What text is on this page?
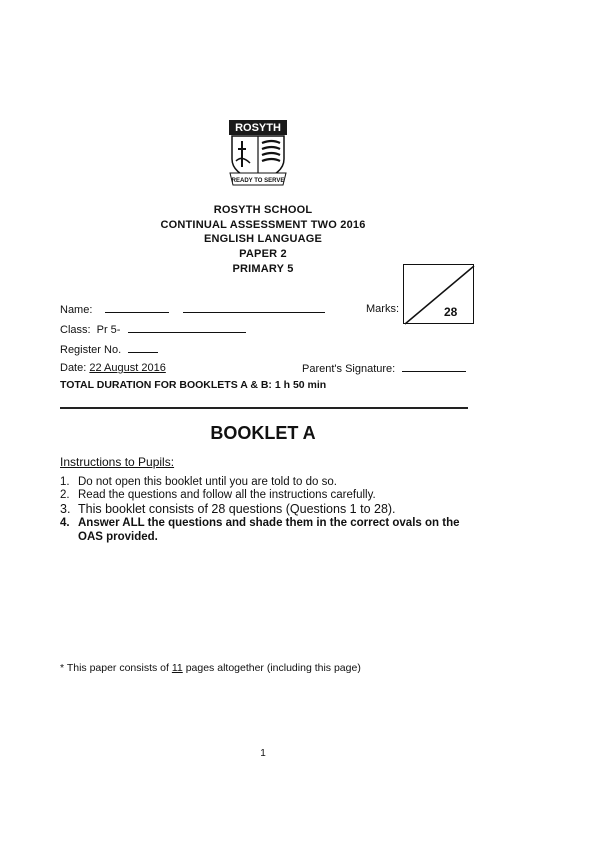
ROSYTH
READY TO SERVE
ROSYTH SCHOOL
CONTINUAL ASSESSMENT TWO 2016
ENGLISH LANGUAGE
PAPER 2
PRIMARY 5
Marks:	28
Name:
Class: Pr 5-
Register No.
Date: 22 August 2016	Parent's Signature:
TOTAL DURATION FOR BOOKLETS A & B: 1 h 50 min
BOOKLET A
Instructions to Pupils:
1. Do not open this booklet until you are told to do so.
2. Read the questions and follow all the instructions carefully.
3. This booklet consists of 28 questions (Questions 1 to 28).
4. Answer ALL the questions and shade them in the correct ovals on the OAS provided.
* This paper consists of 11 pages altogether (including this page)
1
